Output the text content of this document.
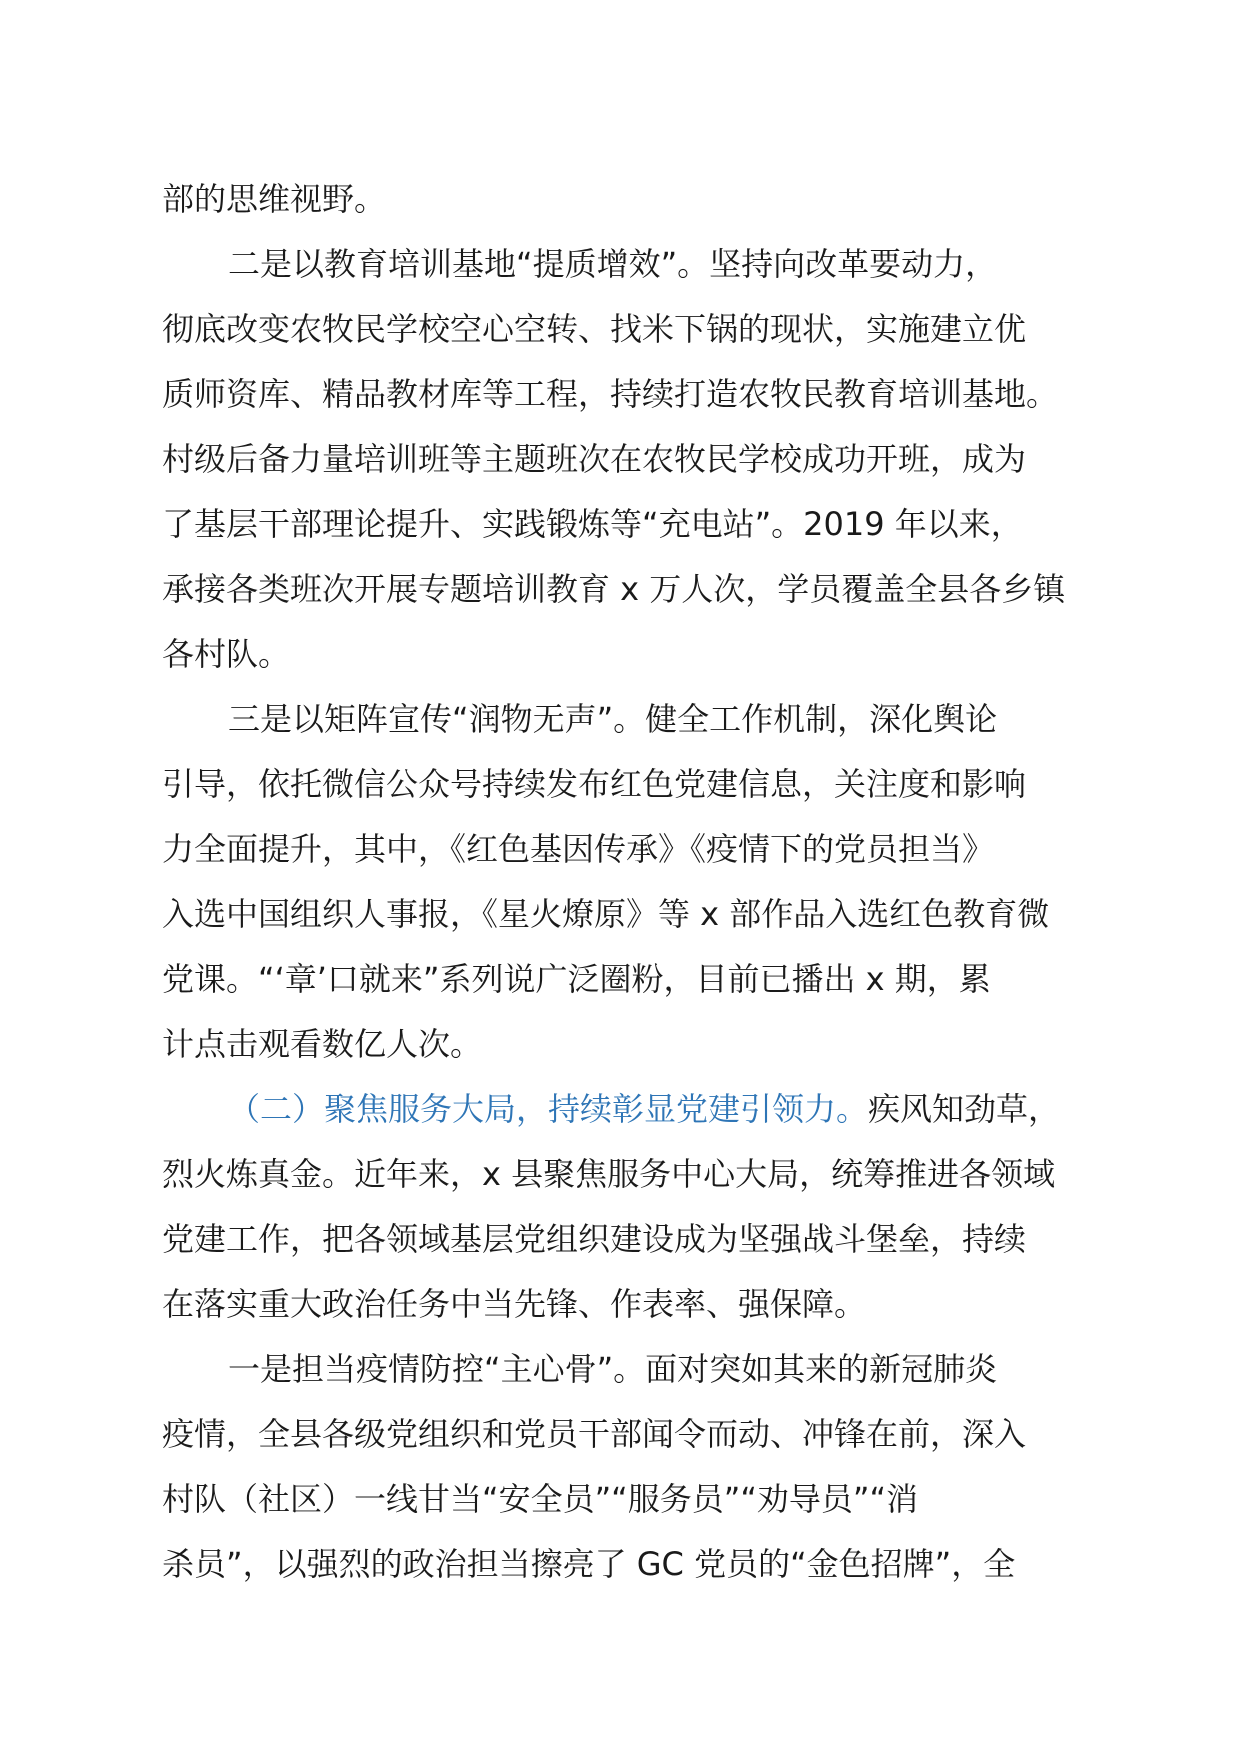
部的思维视野。
二是以教育培训基地“提质增效”。坚持向改革要动力，
彻底改变农牧民学校空心空转、找米下锅的现状，实施建立优
质师资库、精品教材库等工程，持续打造农牧民教育培训基地。
村级后备力量培训班等主题班次在农牧民学校成功开班，成为
了基层干部理论提升、实践锻炼等“充电站”。2019 年以来，
承接各类班次开展专题培训教育 x 万人次，学员覆盖全县各乡镇
各村队。
三是以矩阵宣传“润物无声”。健全工作机制，深化舆论
引导，依托微信公众号持续发布红色党建信息，关注度和影响
力全面提升，其中，《红色基因传承》《疫情下的党员担当》
入选中国组织人事报，《星火燎原》等 x 部作品入选红色教育微
党课。“‘章’口就来”系列说广泛圈粉，目前已播出 x 期，累
计点击观看数亿人次。
（二）聚焦服务大局，持续彰显党建引领力。疾风知劲草，
烈火炼真金。近年来，x 县聚焦服务中心大局，统筹推进各领域
党建工作，把各领域基层党组织建设成为坚强战斗堡垒，持续
在落实重大政治任务中当先锋、作表率、强保障。
一是担当疫情防控“主心骨”。面对突如其来的新冠肺炎
疫情，全县各级党组织和党员干部闻令而动、冲锋在前，深入
村队（社区）一线甘当“安全员”“服务员”“劝导员”“消
杀员”，以强烈的政治担当擦亮了 GC 党员的“金色招牌”，全
